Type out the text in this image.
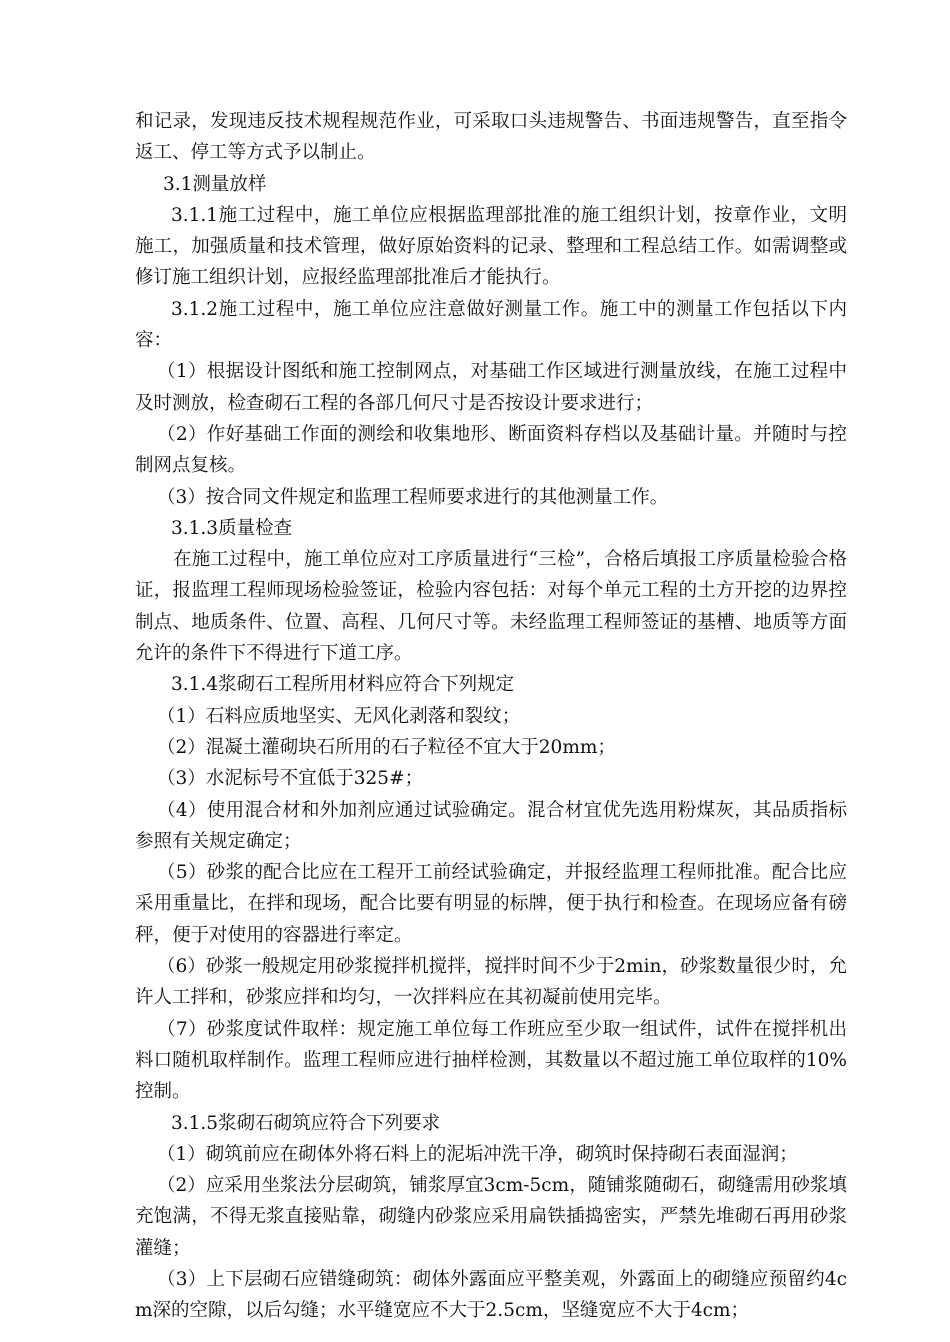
和记录，发现违反技术规程规范作业，可采取口头违规警告、书面违规警告，直至指令返工、停工等方式予以制止。

3.1测量放样

3.1.1施工过程中，施工单位应根据监理部批准的施工组织计划，按章作业，文明施工，加强质量和技术管理，做好原始资料的记录、整理和工程总结工作。如需调整或修订施工组织计划，应报经监理部批准后才能执行。

3.1.2施工过程中，施工单位应注意做好测量工作。施工中的测量工作包括以下内容：

（1）根据设计图纸和施工控制网点，对基础工作区域进行测量放线，在施工过程中及时测放，检查砌石工程的各部几何尺寸是否按设计要求进行；

（2）作好基础工作面的测绘和收集地形、断面资料存档以及基础计量。并随时与控制网点复核。

（3）按合同文件规定和监理工程师要求进行的其他测量工作。

3.1.3质量检查

在施工过程中，施工单位应对工序质量进行“三检”，合格后填报工序质量检验合格证，报监理工程师现场检验签证，检验内容包括：对每个单元工程的土方开挖的边界控制点、地质条件、位置、高程、几何尺寸等。未经监理工程师签证的基槽、地质等方面允许的条件下不得进行下道工序。

3.1.4浆砌石工程所用材料应符合下列规定

（1）石料应质地坚实、无风化剥落和裂纹；

（2）混凝土灌砌块石所用的石子粒径不宜大于20mm；

（3）水泥标号不宜低于325#；

（4）使用混合材和外加剂应通过试验确定。混合材宜优先选用粉煤灰，其品质指标参照有关规定确定；

（5）砂浆的配合比应在工程开工前经试验确定，并报经监理工程师批准。配合比应采用重量比，在拌和现场，配合比要有明显的标牌，便于执行和检查。在现场应备有磅秤，便于对使用的容器进行率定。

（6）砂浆一般规定用砂浆搅拌机搅拌，搅拌时间不少于2min，砂浆数量很少时，允许人工拌和，砂浆应拌和均匀，一次拌料应在其初凝前使用完毕。

（7）砂浆度试件取样：规定施工单位每工作班应至少取一组试件，试件在搅拌机出料口随机取样制作。监理工程师应进行抽样检测，其数量以不超过施工单位取样的10%控制。

3.1.5浆砌石砌筑应符合下列要求

（1）砌筑前应在砌体外将石料上的泥垢冲洗干净，砌筑时保持砌石表面湿润；

（2）应采用坐浆法分层砌筑，铺浆厚宜3cm-5cm，随铺浆随砌石，砌缝需用砂浆填充饱满，不得无浆直接贴靠，砌缝内砂浆应采用扁铁插捣密实，严禁先堆砌石再用砂浆灌缝；

（3）上下层砌石应错缝砌筑：砌体外露面应平整美观，外露面上的砌缝应预留约4cm深的空隙，以后勾缝；水平缝宽应不大于2.5cm，坚缝宽应不大于4cm；
